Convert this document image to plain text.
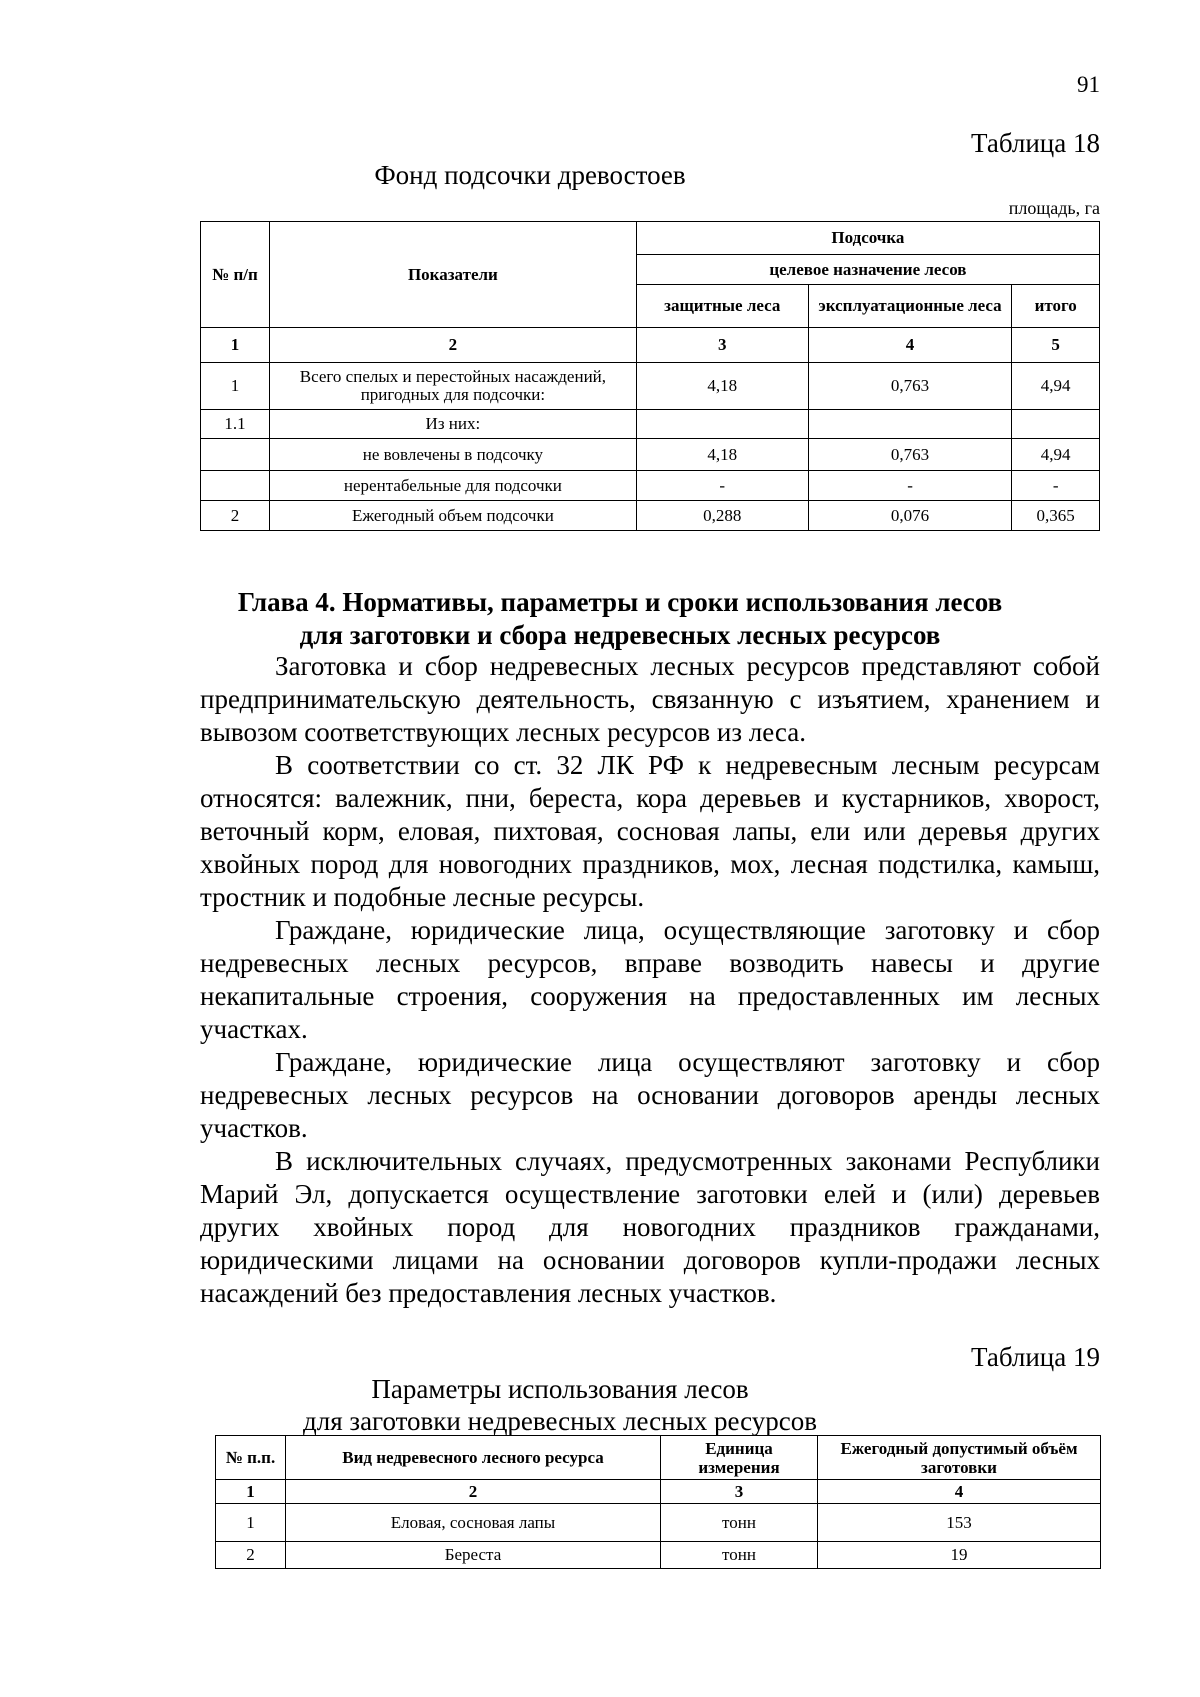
91
Таблица 18
Фонд подсочки древостоев
площадь, га
№ п/п	Показатели	Подсочка		
		целевое назначение лесов		
		защитные леса	эксплуатационные леса	итого
1	2	3	4	5
1	Всего спелых и перестойных насаждений, пригодных для подсочки:	4,18	0,763	4,94
1.1	Из них:			
	не вовлечены в подсочку	4,18	0,763	4,94
	нерентабельные для подсочки	-	-	-
2	Ежегодный объем подсочки	0,288	0,076	0,365
Глава 4. Нормативы, параметры и сроки использования лесов
для заготовки и сбора недревесных лесных ресурсов

Заготовка и сбор недревесных лесных ресурсов представляют собой предпринимательскую деятельность, связанную с изъятием, хранением и вывозом соответствующих лесных ресурсов из леса.

В соответствии со ст. 32 ЛК РФ к недревесным лесным ресурсам относятся: валежник, пни, береста, кора деревьев и кустарников, хворост, веточный корм, еловая, пихтовая, сосновая лапы, ели или деревья других хвойных пород для новогодних праздников, мох, лесная подстилка, камыш, тростник и подобные лесные ресурсы.

Граждане, юридические лица, осуществляющие заготовку и сбор недревесных лесных ресурсов, вправе возводить навесы и другие некапитальные строения, сооружения на предоставленных им лесных участках.

Граждане, юридические лица осуществляют заготовку и сбор недревесных лесных ресурсов на основании договоров аренды лесных участков.

В исключительных случаях, предусмотренных законами Республики Марий Эл, допускается осуществление заготовки елей и (или) деревьев других хвойных пород для новогодних праздников гражданами, юридическими лицами на основании договоров купли-продажи лесных насаждений без предоставления лесных участков.

Таблица 19
Параметры использования лесов
для заготовки недревесных лесных ресурсов
№ п.п.	Вид недревесного лесного ресурса	Единица измерения	Ежегодный допустимый объём заготовки
1	2	3	4
1	Еловая, сосновая лапы	тонн	153
2	Береста	тонн	19
